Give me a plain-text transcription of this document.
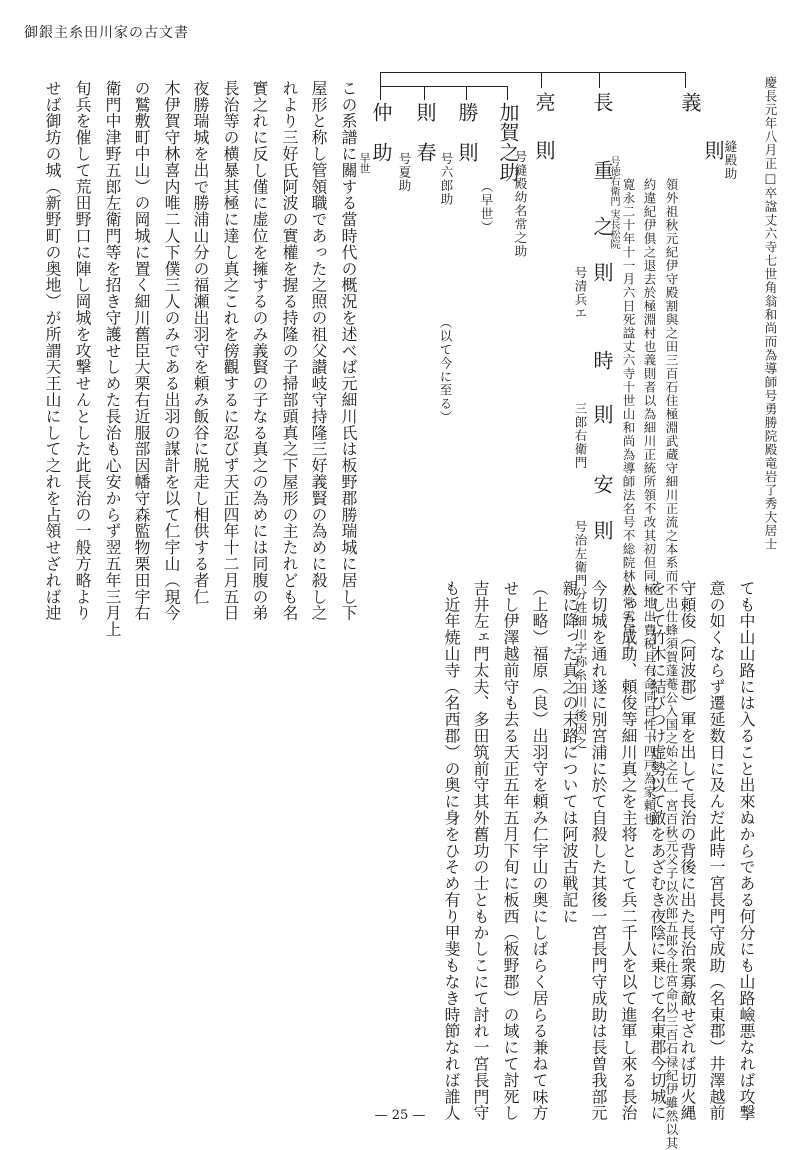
御銀主糸田川家の古文書
慶長元年八月正□卒諡丈六寺七世角翁和尚而為導師号勇勝院殿竜岩了秀大居士
義
則
縫殿助
領外祖秋元紀伊守殿割與之田三百石住極淵武蔵守細川正流之本系而不出仕蜂須賀蓬菴公入国之始之在一宮百秋元父子以次郎五郎令仕宮命以三百石禄紀伊雖然以其
約違紀伊俱之退去於極淵村也義則者以為細川正統所領不改其初但同極地出費税且有命同百性十四戸為家頼也
寛永二十年十一月六日死諡丈六寺十世山和尚為導師法名号不総院林松常雪居士
長
号徳右衛門 実長松院
重
之
則
号清兵エ
時
則
三郎右衛門
安
則
号治左衛門分姓細川字称糸田川後因之
亮
則
号縫殿幼名常之助
加賀之助
（早世）
勝　則
号六郎助
則　春
号夏助
仲　助
早世
（以て今に至る）
この系譜に關する當時代の概況を述べば元細川氏は板野郡勝瑞城に居し下
屋形と称し管領職であった之照の祖父讃岐守持隆三好義賢の為めに殺し之
れより三好氏阿波の實權を握る持隆の子掃部頭真之下屋形の主たれども名
實之れに反し僅に虚位を擁するのみ義賢の子なる真之の為めには同腹の弟
長治等の横暴其極に達し真之これを傍觀するに忍びず天正四年十二月五日
夜勝瑞城を出で勝浦山分の福瀬出羽守を頼み飯谷に脱走し相供する者仁
木伊賀守林喜内唯二人下僕三人のみである出羽の謀計を以て仁宇山（現今
の鷲敷町中山）の岡城に置く細川舊臣大栗右近服部因幡守森監物栗田宇右
衛門中津野五郎左衛門等を招き守護せしめた長治も心安からず翌五年三月上
旬兵を催して荒田野口に陣し岡城を攻撃せんとした此長治の一般方略より
せば御坊の城（新野町の奥地）が所謂天王山にして之れを占領せざれば迚
ても中山山路には入ること出來ぬからである何分にも山路嶮悪なれば攻撃
意の如くならず遷延数日に及んだ此時一宮長門守成助（名東郡）井澤越前
守頼俊（阿波郡）軍を出して長治の背後に出た長治衆寡敵せざれば切火縄
をして竹木に結びつけ虚勢以て敵をあざむき夜陰に乗じて名東郡今切城に
入った成助、頼俊等細川真之を主将として兵二千人を以て進軍し來る長治
今切城を通れ遂に別宮浦に於て自殺した其後一宮長門守成助は長曽我部元
親に降った真之の末路については阿波古戦記に
（上略）福原（良）出羽守を頼み仁宇山の奥にしばらく居らる兼ねて味方
せし伊澤越前守も去る天正五年五月下旬に板西（板野郡）の域にて討死し
吉井左ェ門太夫、多田筑前守其外舊功の士ともかしこにて討れ一宮長門守
も近年焼山寺（名西郡）の奥に身をひそめ有り甲斐もなき時節なれば誰人
— 25 —
